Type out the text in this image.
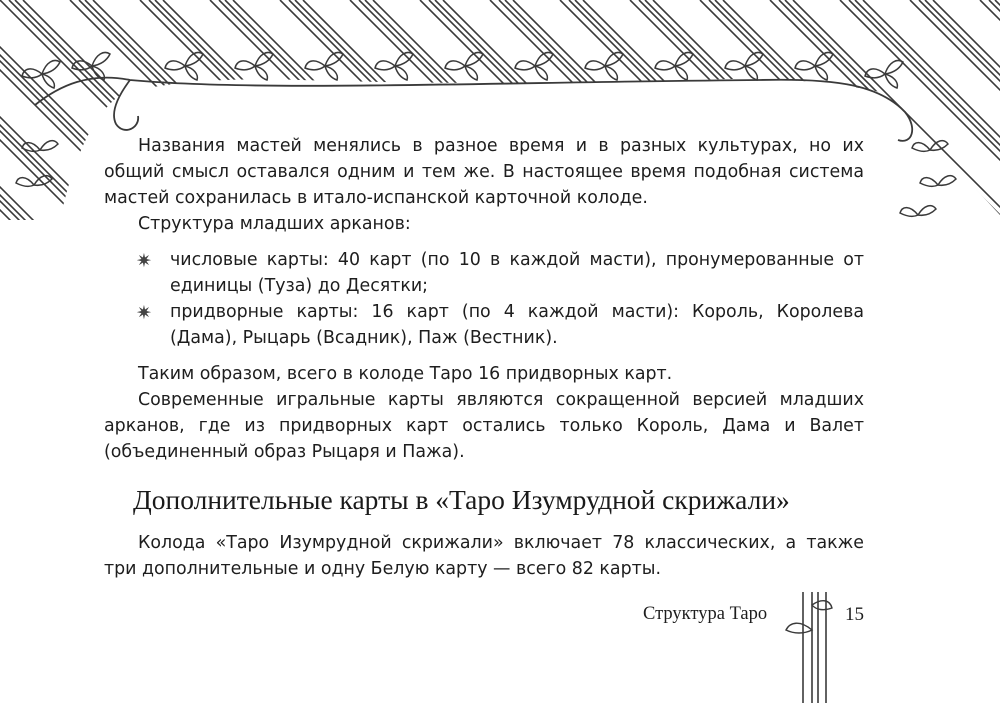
Названия мастей менялись в разное время и в разных культурах, но их общий смысл оставался одним и тем же. В настоящее время подобная система мастей сохранилась в итало-испанской карточной колоде.

Структура младших арканов:

✷ числовые карты: 40 карт (по 10 в каждой масти), пронумерованные от единицы (Туза) до Десятки;
✷ придворные карты: 16 карт (по 4 каждой масти): Король, Королева (Дама), Рыцарь (Всадник), Паж (Вестник).

Таким образом, всего в колоде Таро 16 придворных карт.

Современные игральные карты являются сокращенной версией младших арканов, где из придворных карт остались только Король, Дама и Валет (объединенный образ Рыцаря и Пажа).

Дополнительные карты в «Таро Изумрудной скрижали»

Колода «Таро Изумрудной скрижали» включает 78 классических, а также три дополнительные и одну Белую карту — всего 82 карты.

Структура Таро	15
